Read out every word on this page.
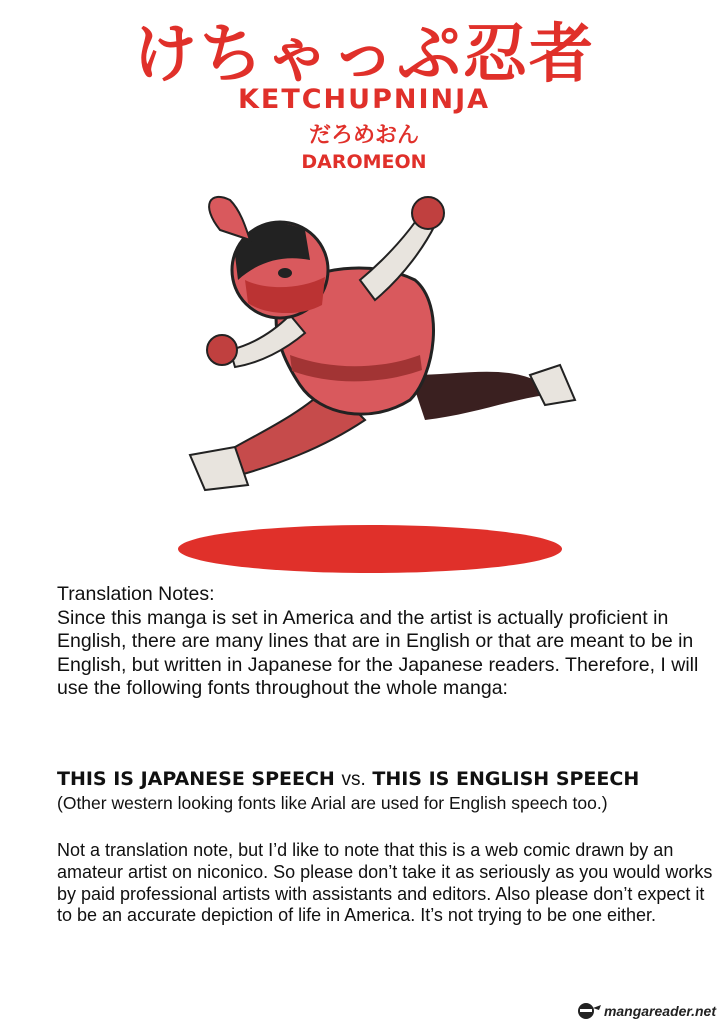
けちゃっぷ忍者
KETCHUPNINJA
だろめおん
DAROMEON

Translation Notes:

Since this manga is set in America and the artist is actually proficient in English, there are many lines that are in English or that are meant to be in English, but written in Japanese for the Japanese readers. Therefore, I will use the following fonts throughout the whole manga:

THIS IS JAPANESE SPEECH vs. THIS IS ENGLISH SPEECH
(Other western looking fonts like Arial are used for English speech too.)

Not a translation note, but I’d like to note that this is a web comic drawn by an amateur artist on niconico. So please don’t take it as seriously as you would works by paid professional artists with assistants and editors. Also please don’t expect it to be an accurate depiction of life in America. It’s not trying to be one either.

mangareader.net
